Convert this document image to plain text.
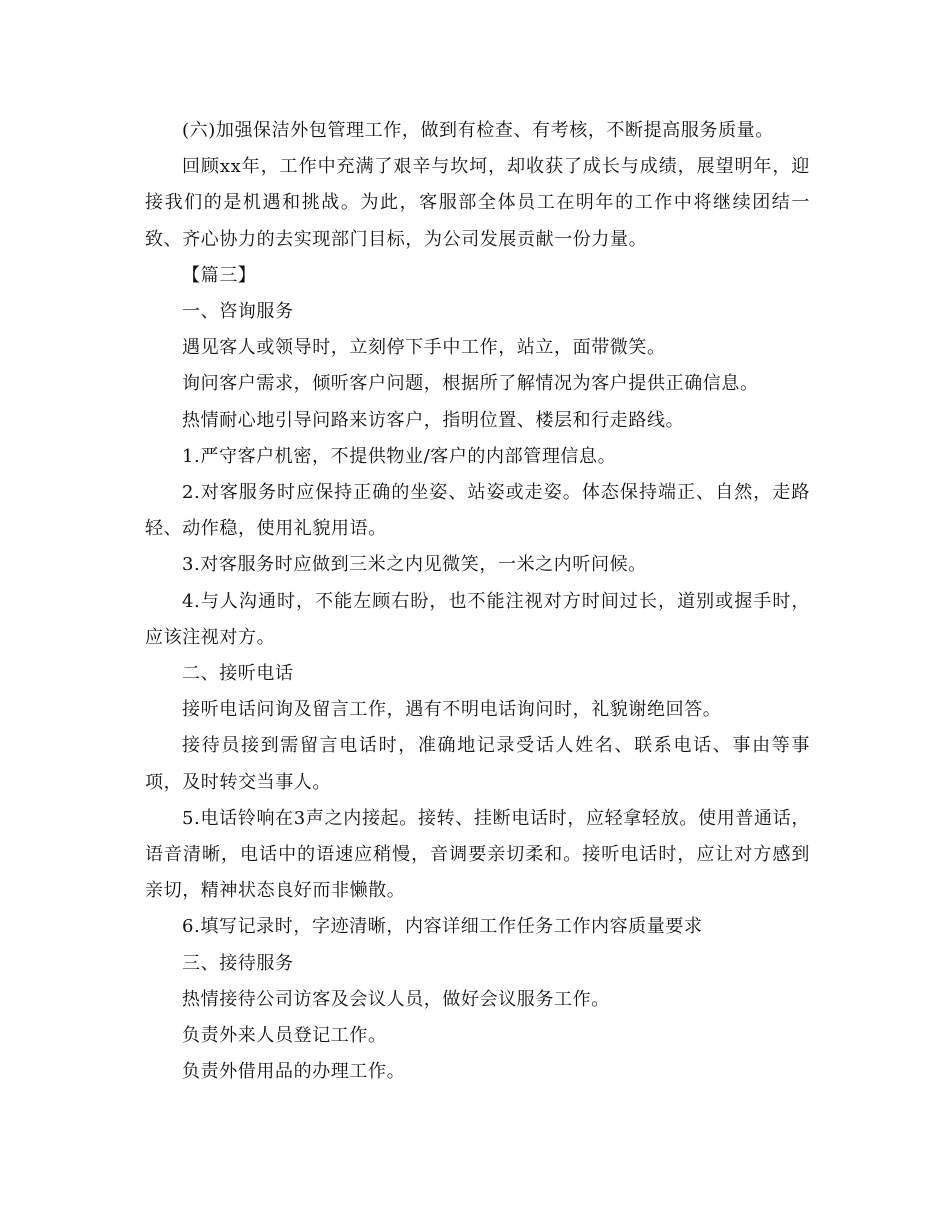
(六)加强保洁外包管理工作，做到有检查、有考核，不断提高服务质量。

回顾xx年，工作中充满了艰辛与坎坷，却收获了成长与成绩，展望明年，迎接我们的是机遇和挑战。为此，客服部全体员工在明年的工作中将继续团结一致、齐心协力的去实现部门目标，为公司发展贡献一份力量。

【篇三】

一、咨询服务

遇见客人或领导时，立刻停下手中工作，站立，面带微笑。

询问客户需求，倾听客户问题，根据所了解情况为客户提供正确信息。

热情耐心地引导问路来访客户，指明位置、楼层和行走路线。

1.严守客户机密，不提供物业/客户的内部管理信息。

2.对客服务时应保持正确的坐姿、站姿或走姿。体态保持端正、自然，走路轻、动作稳，使用礼貌用语。

3.对客服务时应做到三米之内见微笑，一米之内听问候。

4.与人沟通时，不能左顾右盼，也不能注视对方时间过长，道别或握手时，应该注视对方。

二、接听电话

接听电话问询及留言工作，遇有不明电话询问时，礼貌谢绝回答。

接待员接到需留言电话时，准确地记录受话人姓名、联系电话、事由等事项，及时转交当事人。

5.电话铃响在3声之内接起。接转、挂断电话时，应轻拿轻放。使用普通话，语音清晰，电话中的语速应稍慢，音调要亲切柔和。接听电话时，应让对方感到亲切，精神状态良好而非懒散。

6.填写记录时，字迹清晰，内容详细工作任务工作内容质量要求

三、接待服务

热情接待公司访客及会议人员，做好会议服务工作。

负责外来人员登记工作。

负责外借用品的办理工作。
